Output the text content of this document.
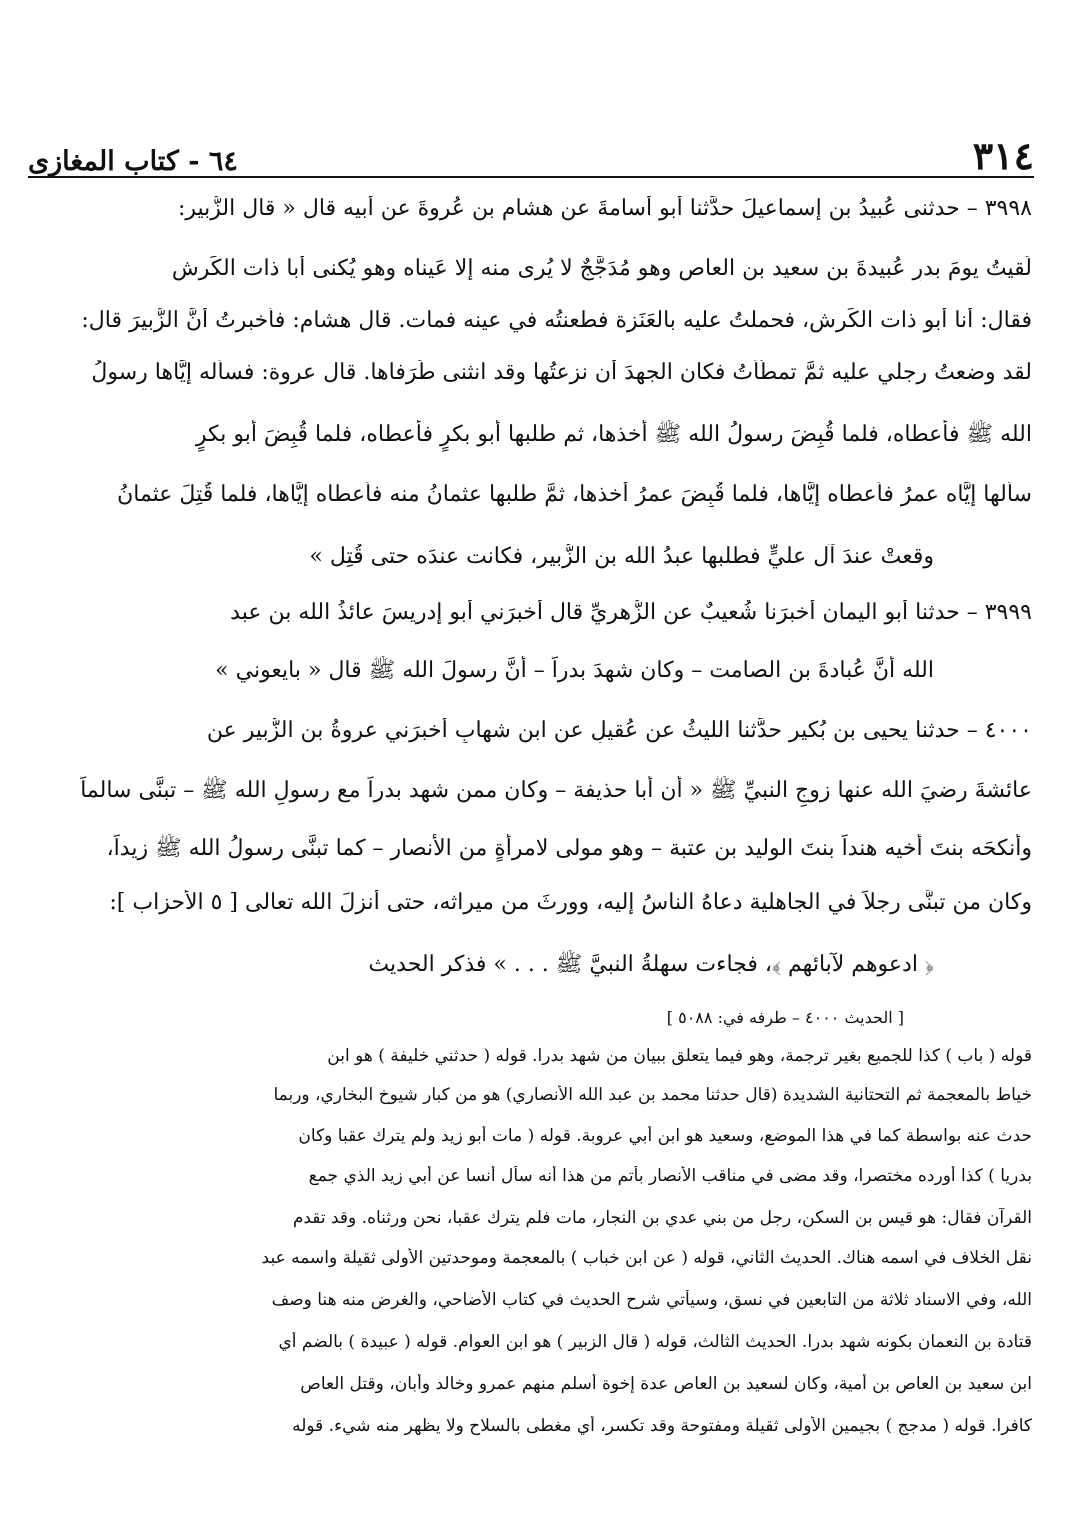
٣١٤
٦٤ - كتاب المغازى
٣٩٩٨ – حدثنى عُبيدُ بن إسماعيلَ حدَّثنا أبو أسامةَ عن هشامِ بن عُروةَ عن أبيه قال « قال الزُّبير:
لَقيتُ يومَ بدرٍ عُبيدةَ بن سعيد بن العاص وهو مُدَجَّجٌ لا يُرى منه إلا عَيناه وهو يُكنى أبا ذات الكَرِش
فقال: أنا أبو ذات الكَرِش، فحملتُ عليه بالعَنَزة فطعنتُه في عينه فمات. قال هشام: فأُخبرتُ أنَّ الزُّبيرَ قال:
لقد وضعتُ رِجلي عليه ثمَّ تمطَّأتُ فكان الجهدَ أن نزعتُها وقد انثنى طَرَفاها. قال عروة: فسأله إيَّاها رسولُ
الله ﷺ فأعطاه، فلما قُبِضَ رسولُ الله ﷺ أخذها، ثم طلبها أبو بكرٍ فأعطاه، فلما قُبِضَ أبو بكرٍ
سألها إيَّاه عمرُ فأعطاه إيَّاها، فلما قُبِضَ عمرُ أخذها، ثمَّ طلبها عثمانُ منه فأعطاه إيَّاها، فلما قُتِلَ عثمانُ
وقعتْ عندَ آل عليٍّ فطلبها عبدُ الله بن الزُّبير، فكانت عندَه حتى قُتِل »
٣٩٩٩ – حدثنا أبو اليمان أخبرَنا شُعيبٌ عن الزُّهريِّ قال أخبرَني أبو إدريسَ عائذُ الله بن عبد
الله أنَّ عُبادةَ بن الصامت – وكان شهدَ بدراً – أنَّ رسولَ الله ﷺ قال « بايعوني »
٤٠٠٠ – حدثنا يحيى بن بُكير حدَّثنا الليثُ عن عُقيلٍ عن ابن شهابٍ أخبرَني عروةُ بن الزُّبير عن
عائشةَ رضيَ الله عنها زوجِ النبيِّ ﷺ « أن أبا حذيفة – وكان ممن شهد بدراً مع رسولِ الله ﷺ – تبنَّى سالماً
وأنكحَه بنتَ أخيه هنداً بنتَ الوليد بن عتبة – وهو مولى لامرأةٍ من الأنصار – كما تبنَّى رسولُ الله ﷺ زيداً،
وكان من تبنَّى رجلاً في الجاهلية دعاهُ الناسُ إليه، وورثَ من ميراثه، حتى أنزلَ الله تعالى [ ٥ الأحزاب ]:
﴿ ادعوهم لآبائهم ﴾، فجاءت سهلةُ النبيَّ ﷺ . . . » فذكر الحديث
[ الحديث ٤٠٠٠ – طرفه في: ٥٠٨٨ ]
قوله ( باب ) كذا للجميع بغير ترجمة، وهو فيما يتعلق ببيان من شهد بدرا. قوله ( حدثني خليفة ) هو ابن
خياط بالمعجمة ثم التحتانية الشديدة (قال حدثنا محمد بن عبد الله الأنصاري) هو من كبار شيوخ البخاري، وربما
حدث عنه بواسطة كما في هذا الموضع، وسعيد هو ابن أبي عروبة. قوله ( مات أبو زيد ولم يترك عقبا وكان
بدريا ) كذا أورده مختصرا، وقد مضى في مناقب الأنصار بأتم من هذا أنه سأل أنسا عن أبي زيد الذي جمع
القرآن فقال: هو قيس بن السكن، رجل من بني عدي بن النجار، مات فلم يترك عقبا، نحن ورثناه. وقد تقدم
نقل الخلاف في اسمه هناك. الحديث الثاني، قوله ( عن ابن خباب ) بالمعجمة وموحدتين الأولى ثقيلة واسمه عبد
الله، وفي الاسناد ثلاثة من التابعين في نسق، وسيأتي شرح الحديث في كتاب الأضاحي، والغرض منه هنا وصف
قتادة بن النعمان بكونه شهد بدرا. الحديث الثالث، قوله ( قال الزبير ) هو ابن العوام. قوله ( عبيدة ) بالضم أي
ابن سعيد بن العاص بن أمية، وكان لسعيد بن العاص عدة إخوة أسلم منهم عمرو وخالد وأبان، وقتل العاص
كافرا. قوله ( مدجج ) بجيمين الأولى ثقيلة ومفتوحة وقد تكسر، أي مغطى بالسلاح ولا يظهر منه شيء. قوله
